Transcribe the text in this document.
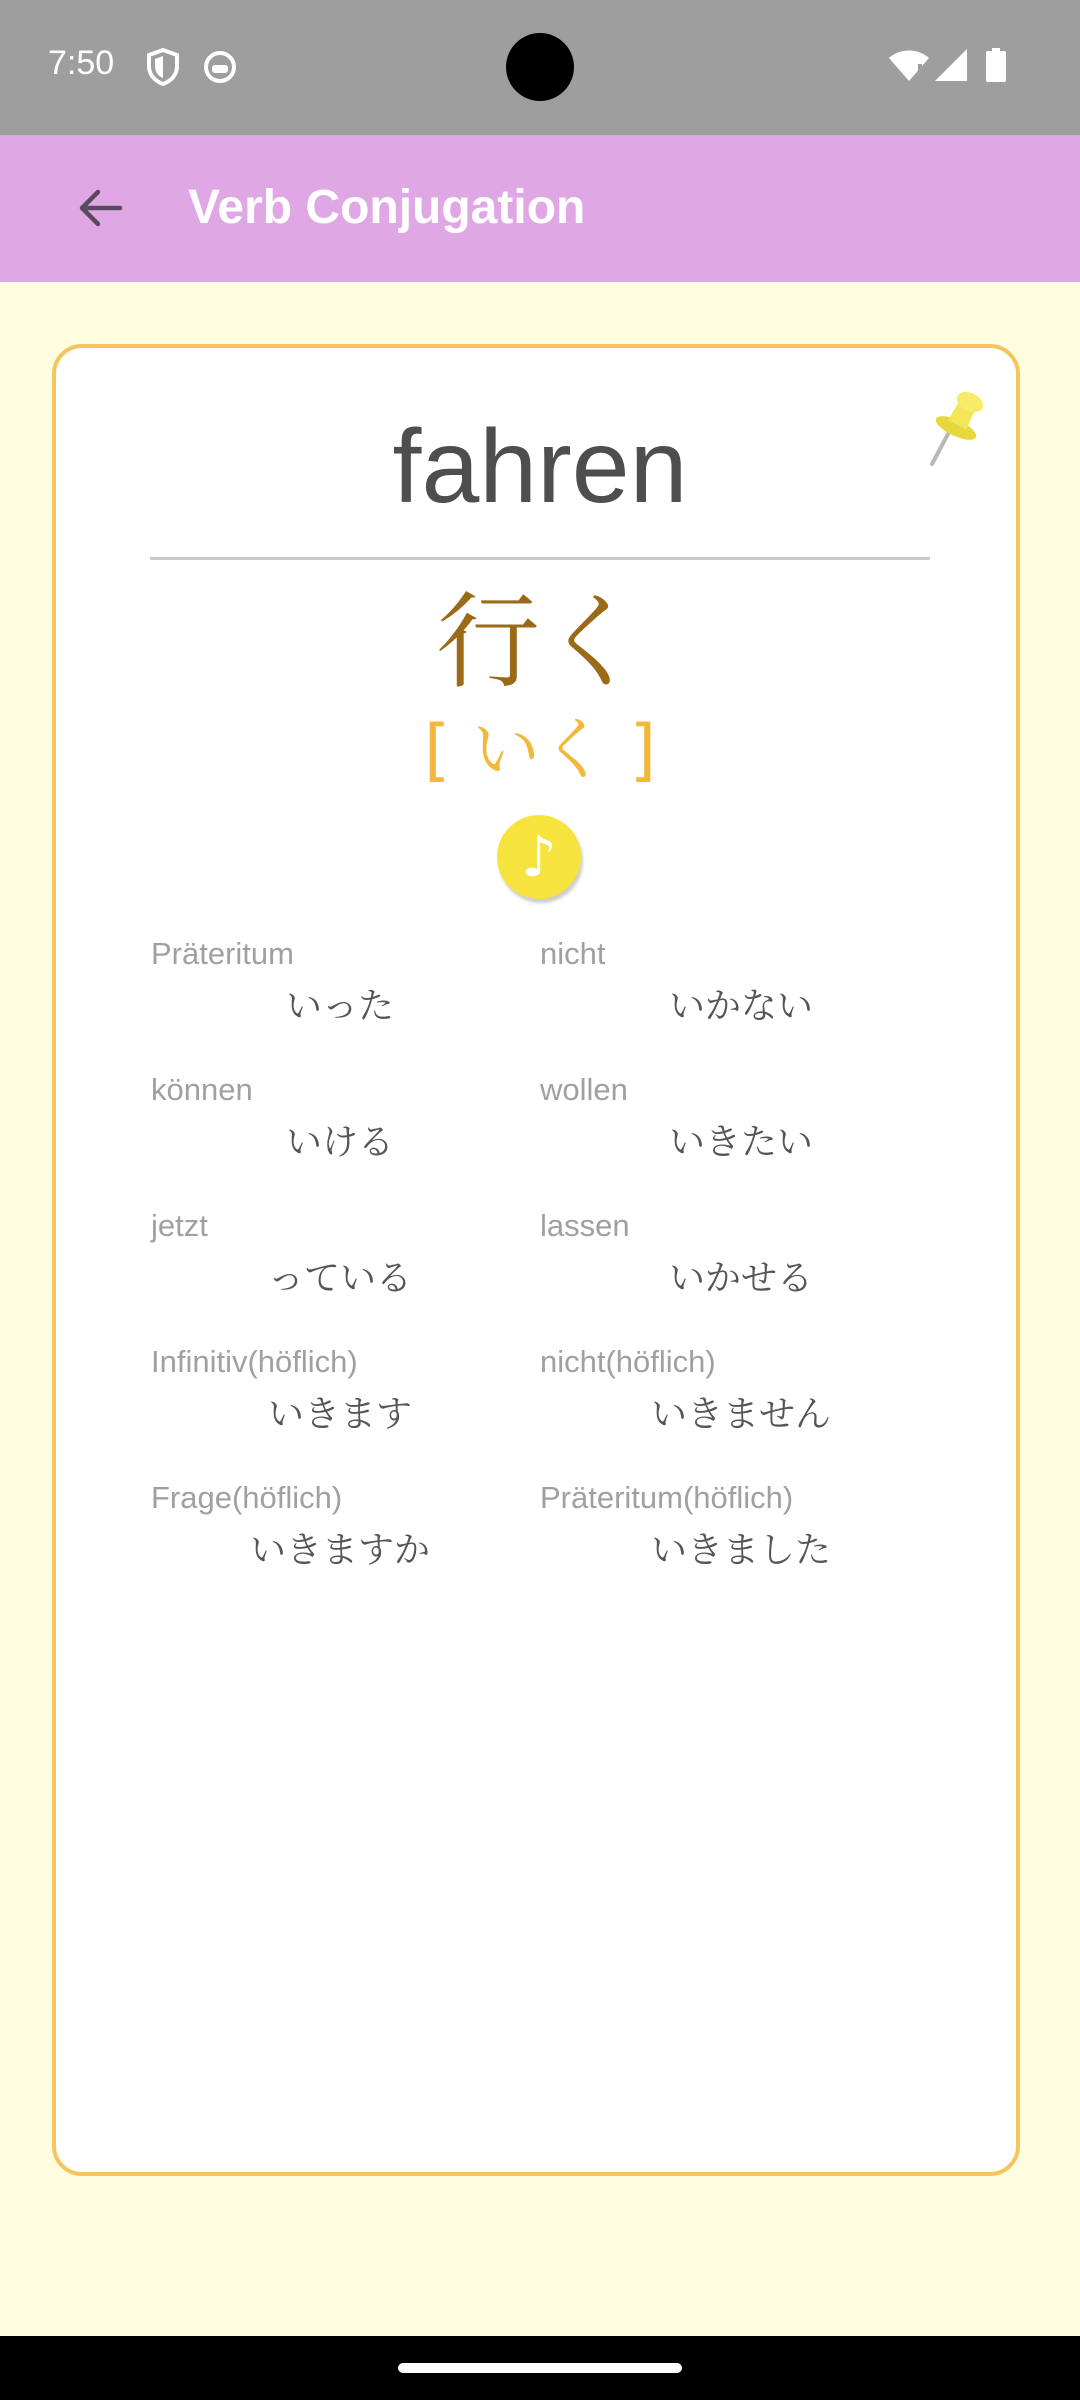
7:50
Verb Conjugation
fahren
行く
[ いく ]
♪
Präteritum
いった
nicht
いかない
können
いける
wollen
いきたい
jetzt
っている
lassen
いかせる
Infinitiv(höflich)
いきます
nicht(höflich)
いきません
Frage(höflich)
いきますか
Präteritum(höflich)
いきました
